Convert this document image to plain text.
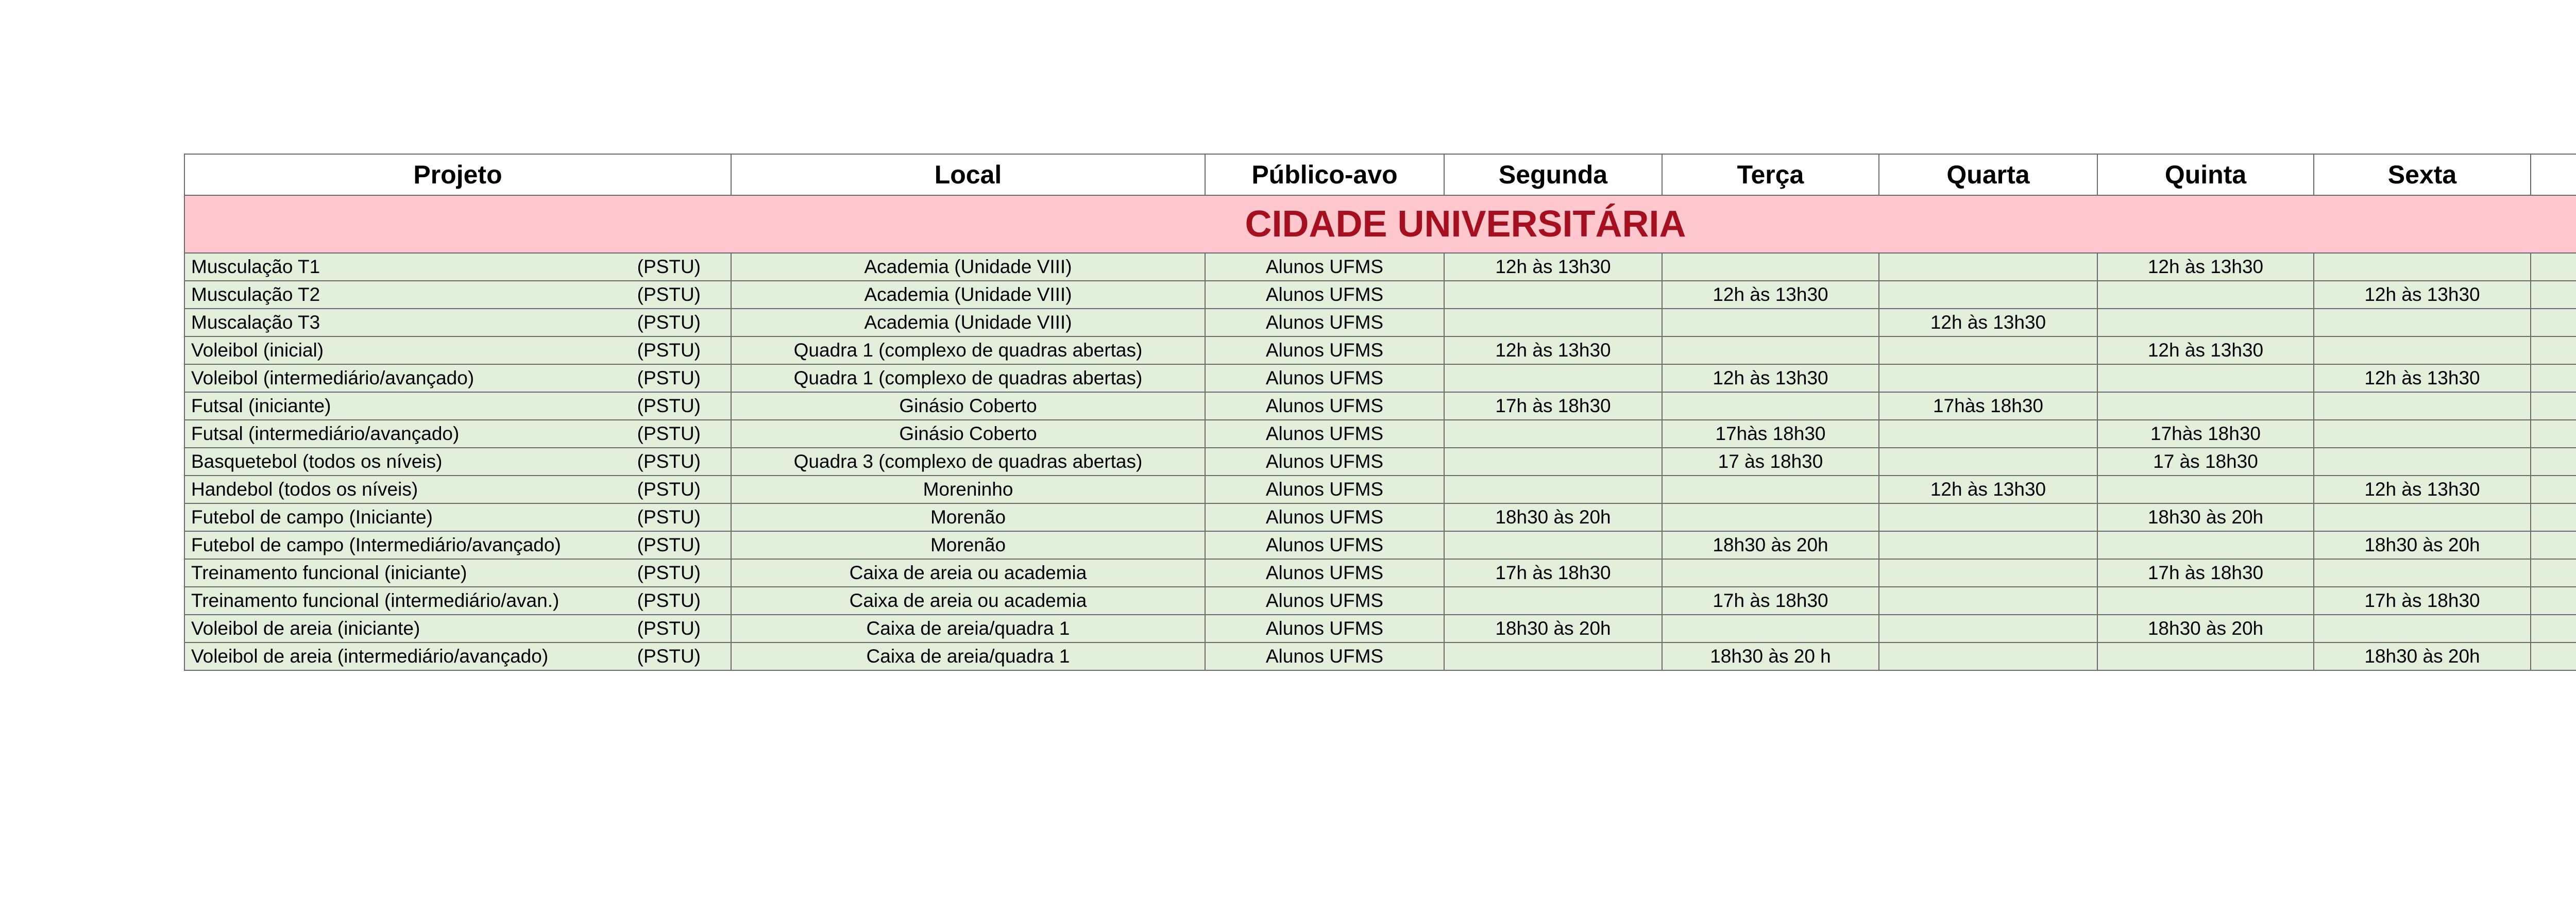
Projeto	Local	Público-avo	Segunda	Terça	Quarta	Quinta	Sexta	
CIDADE UNIVERSITÁRIA								

Musculação T1 (PSTU)	Academia (Unidade VIII)	Alunos UFMS	12h às 13h30			12h às 13h30		

Musculação T2 (PSTU)	Academia (Unidade VIII)	Alunos UFMS		12h às 13h30			12h às 13h30	

Muscalação T3 (PSTU)	Academia (Unidade VIII)	Alunos UFMS			12h às 13h30			

Voleibol (inicial) (PSTU)	Quadra 1 (complexo de quadras abertas)	Alunos UFMS	12h às 13h30			12h às 13h30		

Voleibol (intermediário/avançado) (PSTU)	Quadra 1 (complexo de quadras abertas)	Alunos UFMS		12h às 13h30			12h às 13h30	

Futsal (iniciante) (PSTU)	Ginásio Coberto	Alunos UFMS	17h às 18h30		17hàs 18h30			

Futsal (intermediário/avançado) (PSTU)	Ginásio Coberto	Alunos UFMS		17hàs 18h30		17hàs 18h30		

Basquetebol (todos os níveis) (PSTU)	Quadra 3 (complexo de quadras abertas)	Alunos UFMS		17 às 18h30		17 às 18h30		

Handebol (todos os níveis) (PSTU)	Moreninho	Alunos UFMS			12h às 13h30		12h às 13h30	

Futebol de campo (Iniciante) (PSTU)	Morenão	Alunos UFMS	18h30 às 20h			18h30 às 20h		

Futebol de campo (Intermediário/avançado) (PSTU)	Morenão	Alunos UFMS		18h30 às 20h			18h30 às 20h	

Treinamento funcional (iniciante) (PSTU)	Caixa de areia ou academia	Alunos UFMS	17h às 18h30			17h às 18h30		

Treinamento funcional (intermediário/avan.) (PSTU)	Caixa de areia ou academia	Alunos UFMS		17h às 18h30			17h às 18h30	

Voleibol de areia (iniciante) (PSTU)	Caixa de areia/quadra 1	Alunos UFMS	18h30 às 20h			18h30 às 20h		

Voleibol de areia (intermediário/avançado) (PSTU)	Caixa de areia/quadra 1	Alunos UFMS		18h30 às 20 h			18h30 às 20h	
